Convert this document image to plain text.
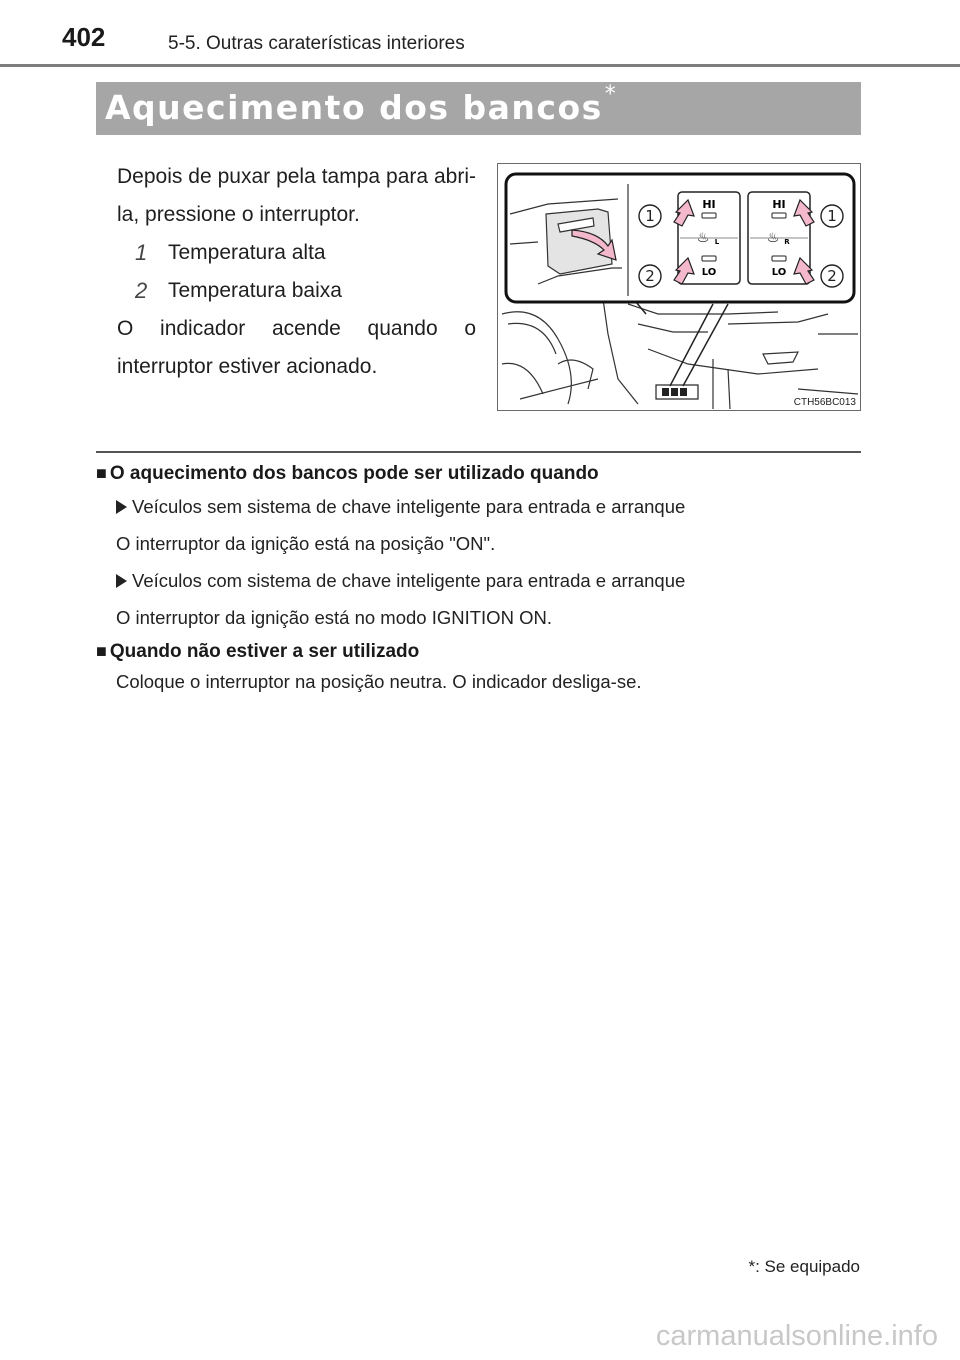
402	5-5. Outras caraterísticas interiores
Aquecimento dos bancos*

Depois de puxar pela tampa para abri-la, pressione o interruptor.

1 Temperatura alta
2 Temperatura baixa

O indicador acende quando o interruptor estiver acionado.

HI
♨ L
LO
HI
♨ R
LO
1
2
1
2
CTH56BC013
■ O aquecimento dos bancos pode ser utilizado quando
Veículos sem sistema de chave inteligente para entrada e arranque
O interruptor da ignição está na posição "ON".
Veículos com sistema de chave inteligente para entrada e arranque
O interruptor da ignição está no modo IGNITION ON.
■ Quando não estiver a ser utilizado
Coloque o interruptor na posição neutra. O indicador desliga-se.
*: Se equipado
carmanualsonline.info
